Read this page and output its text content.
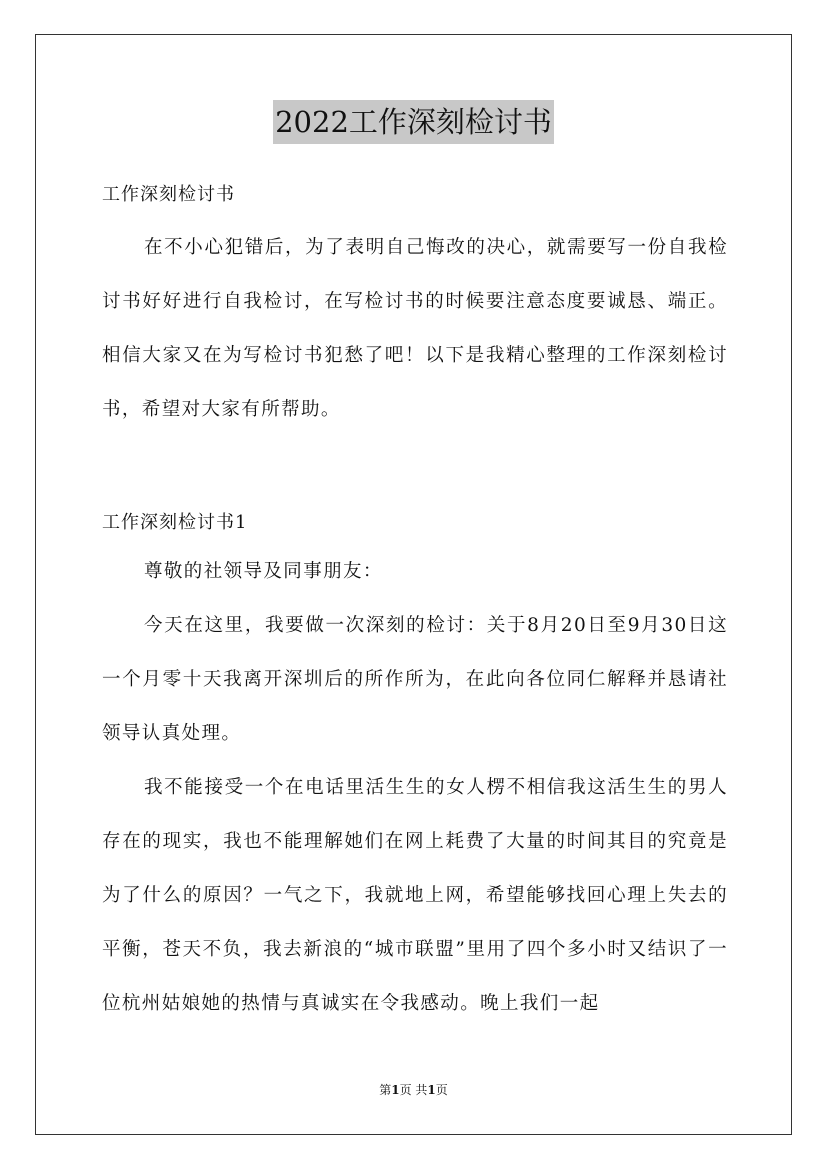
2022工作深刻检讨书
工作深刻检讨书
在不小心犯错后，为了表明自己悔改的决心，就需要写一份自我检讨书好好进行自我检讨，在写检讨书的时候要注意态度要诚恳、端正。相信大家又在为写检讨书犯愁了吧！以下是我精心整理的工作深刻检讨书，希望对大家有所帮助。
工作深刻检讨书1
尊敬的社领导及同事朋友：
今天在这里，我要做一次深刻的检讨：关于8月20日至9月30日这一个月零十天我离开深圳后的所作所为，在此向各位同仁解释并恳请社领导认真处理。
我不能接受一个在电话里活生生的女人楞不相信我这活生生的男人存在的现实，我也不能理解她们在网上耗费了大量的时间其目的究竟是为了什么的原因？一气之下，我就地上网，希望能够找回心理上失去的平衡，苍天不负，我去新浪的“城市联盟”里用了四个多小时又结识了一位杭州姑娘她的热情与真诚实在令我感动。晚上我们一起
第1页 共1页
